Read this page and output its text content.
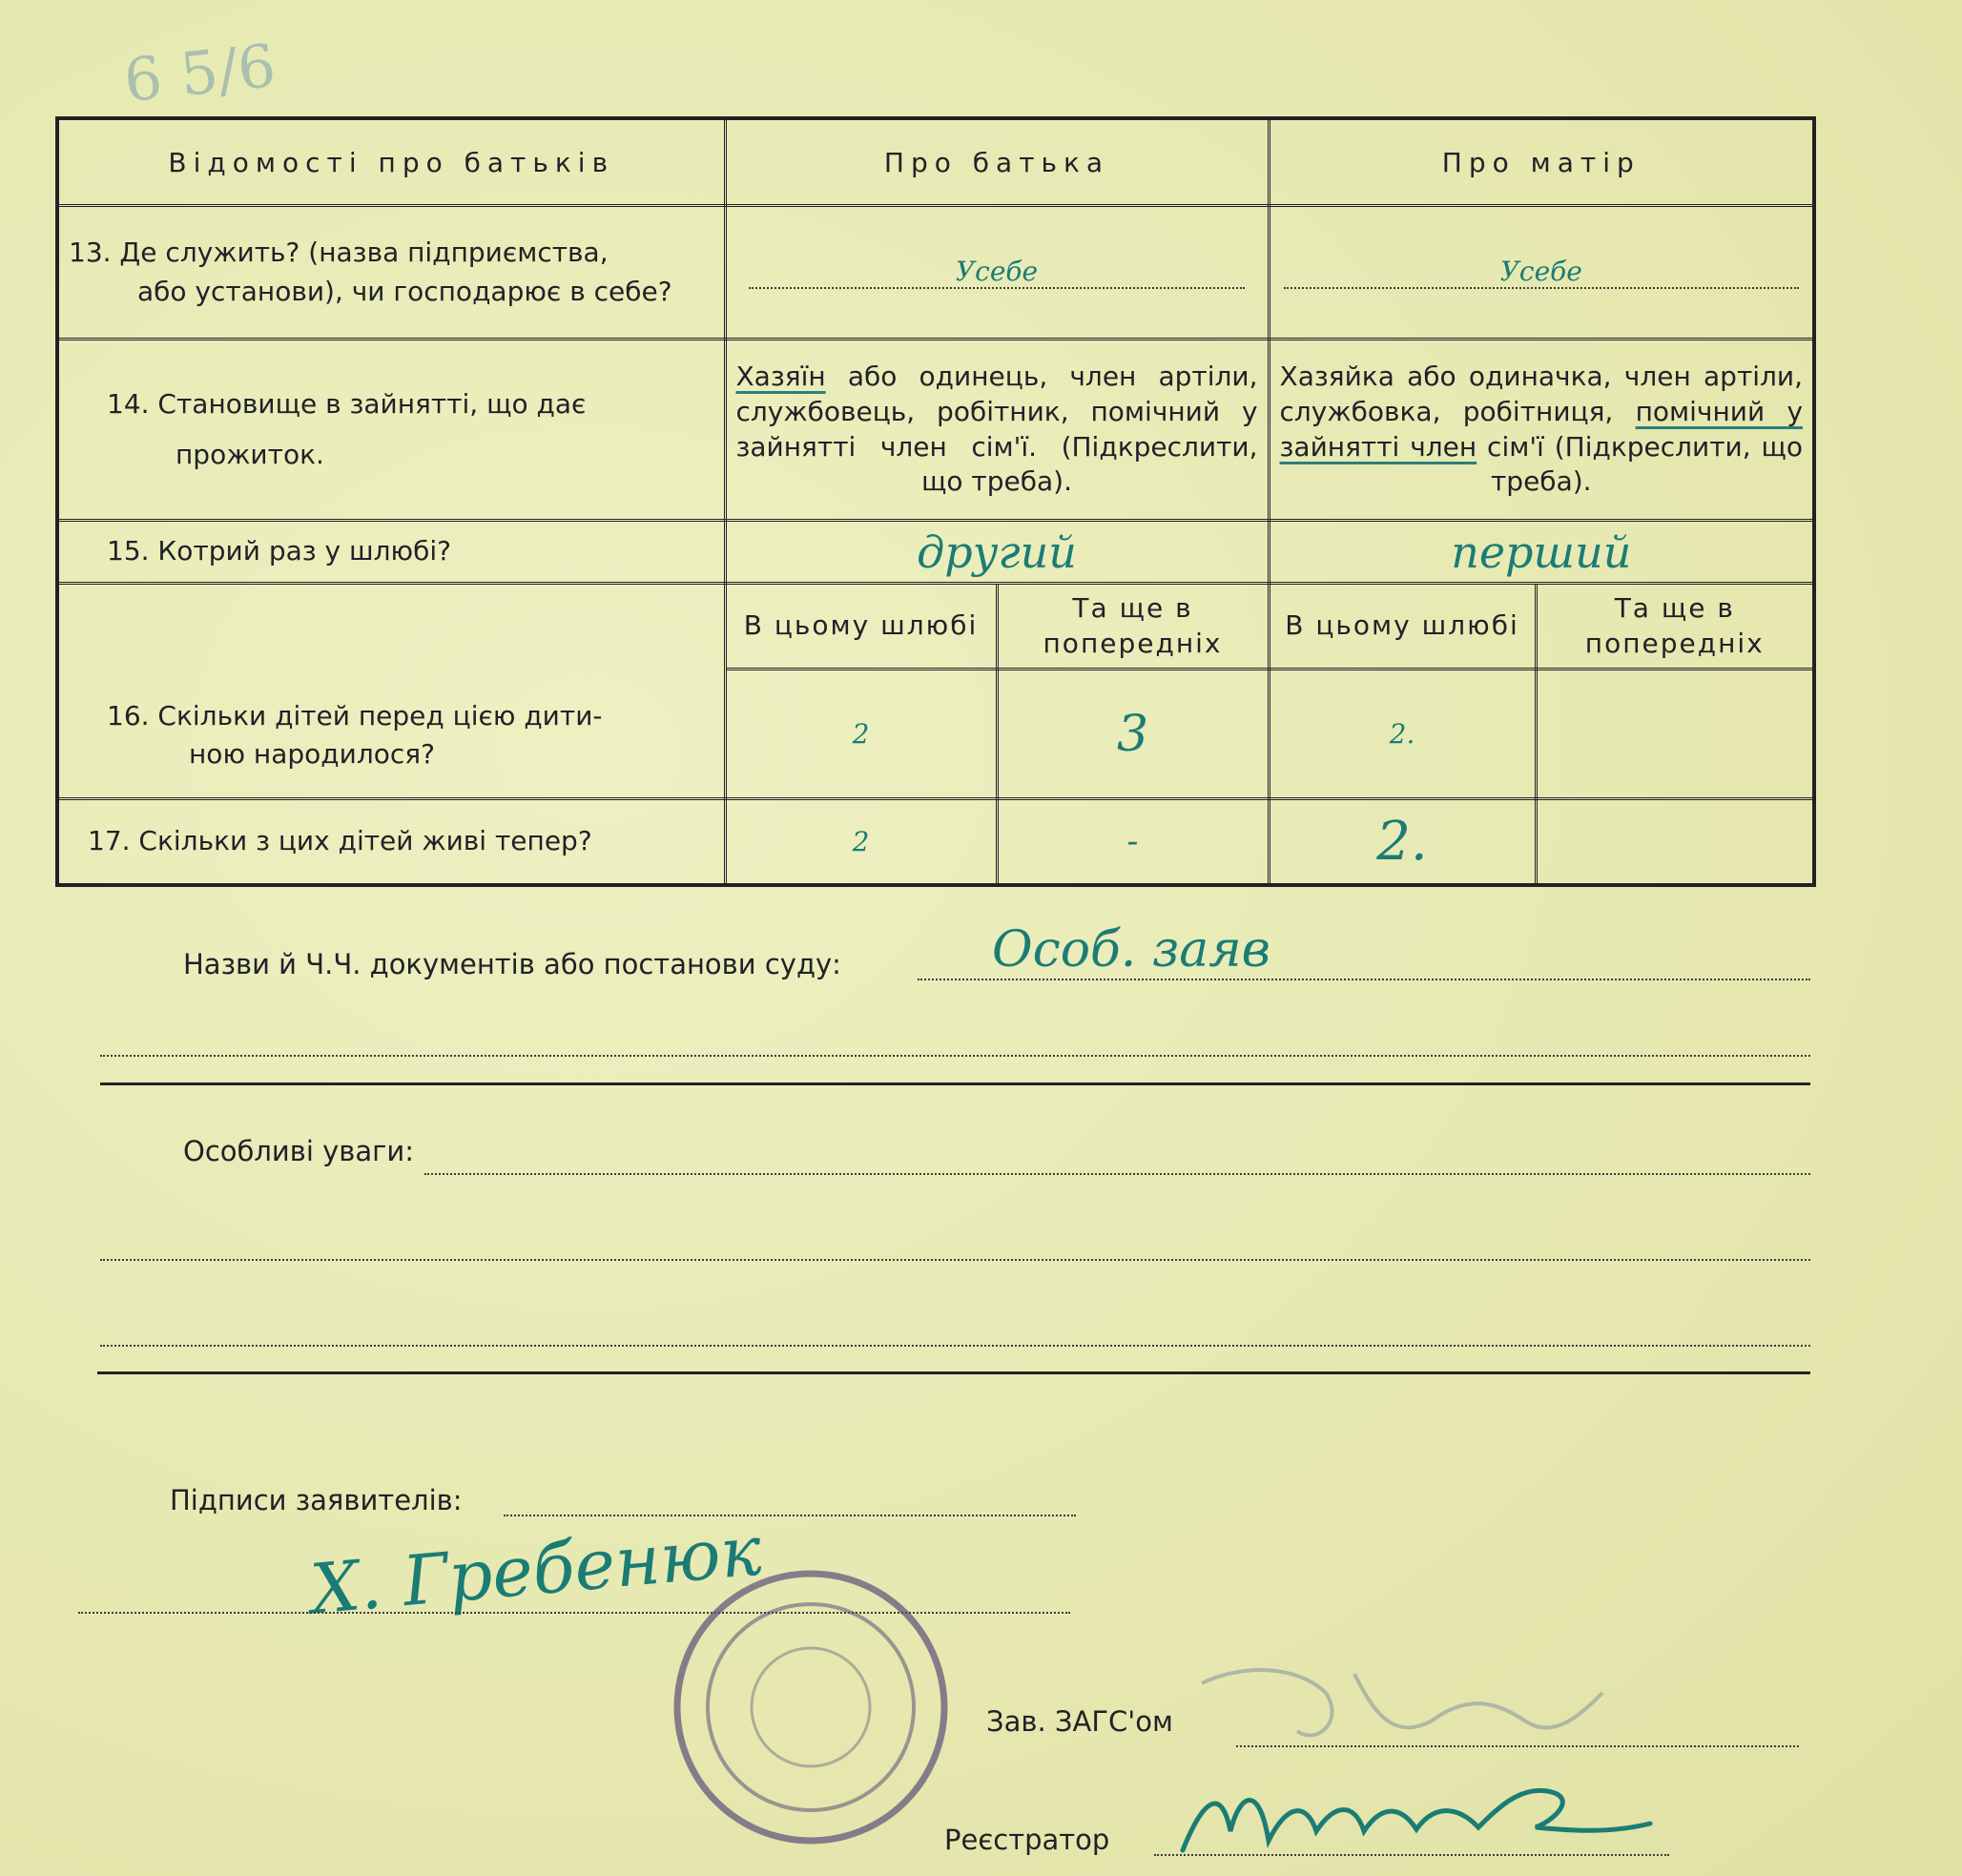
6 5/6
Відомості про батьків	Про батька		Про матір	
13. Де служить? (назва підприємства,
або установи), чи господарює в себе?	Усебе		Усебе	
14. Становище в зайнятті, що дає
прожиток.	Хазяїн або одинець, член артіли, службовець, робітник, помічний у зайнятті член сім'ї. (Підкреслити, що треба).		Хазяйка або одиначка, член артіли, службовка, робітниця, помічний у зайнятті член сім'ї (Підкреслити, що треба).	
15. Котрий раз у шлюбі?	другий		перший	
16. Скільки дітей перед цією дити-
ною народилося?	В цьому шлюбі	Та ще в попередніх	В цьому шлюбі	Та ще в попередніх
	2	3	2.	
17. Скільки з цих дітей живі тепер?	2	-	2.	
Назви й Ч.Ч. документів або постанови суду:	Особ. заяв
Особливі уваги:
Підписи заявителів:
Х. Гребенюк
Зав. ЗАГС'ом
Реєстратор
